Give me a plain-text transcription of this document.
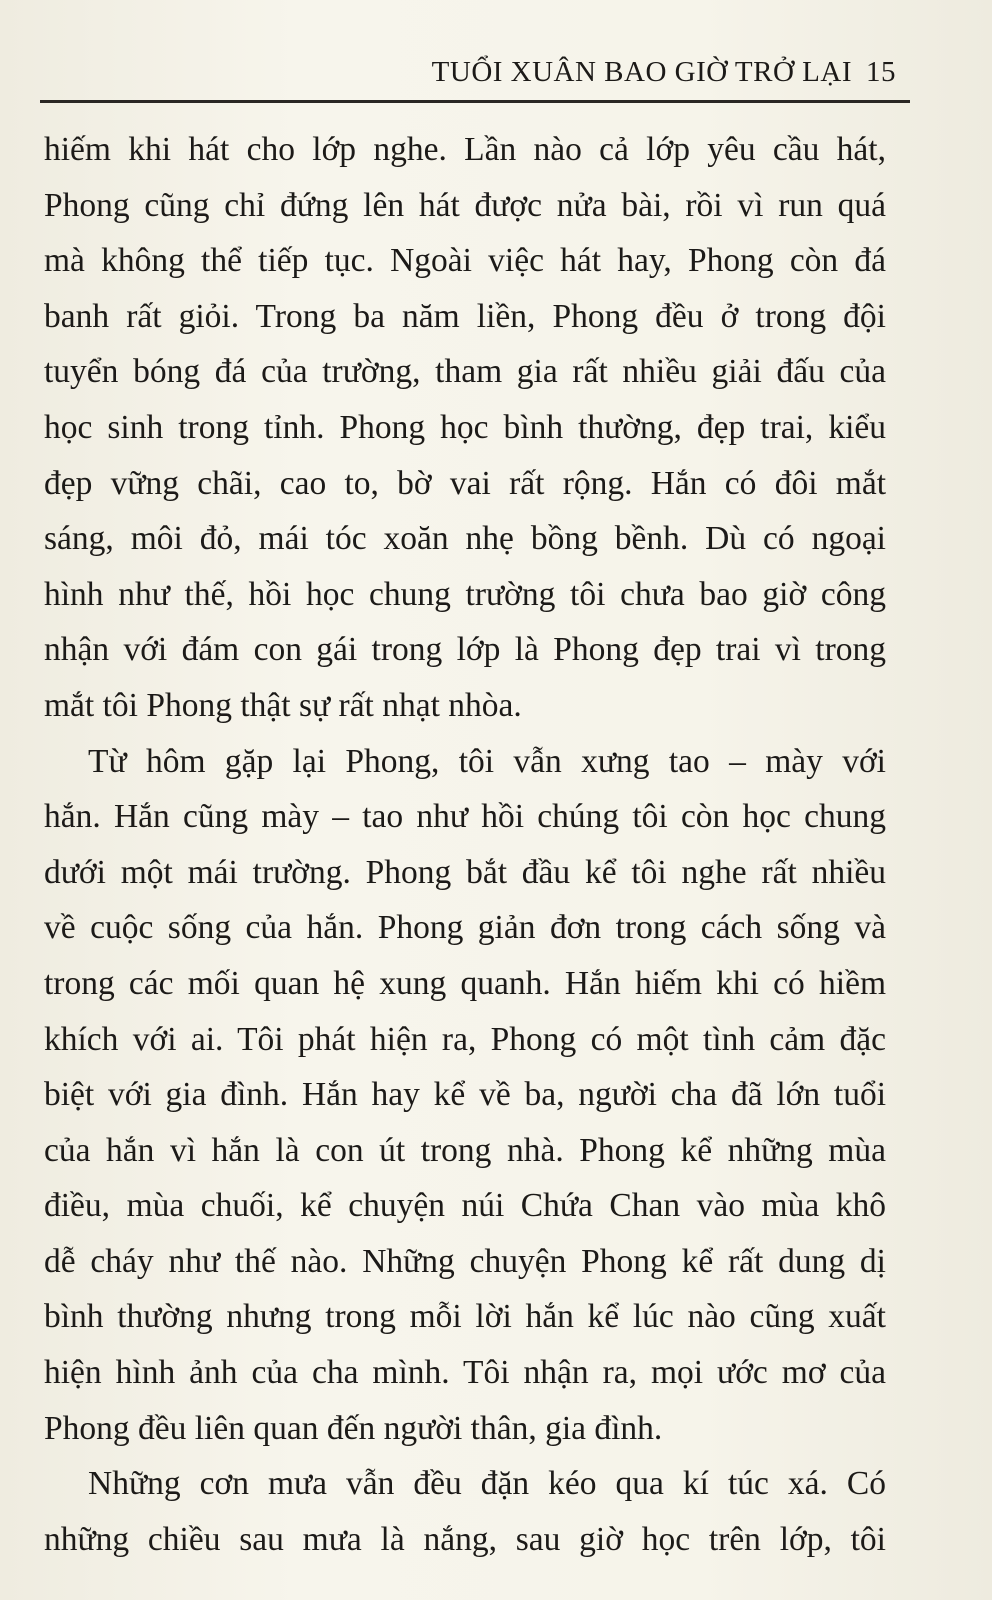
TUỔI XUÂN BAO GIỜ TRỞ LẠI 15
hiếm khi hát cho lớp nghe. Lần nào cả lớp yêu cầu hát,
Phong cũng chỉ đứng lên hát được nửa bài, rồi vì run quá
mà không thể tiếp tục. Ngoài việc hát hay, Phong còn đá
banh rất giỏi. Trong ba năm liền, Phong đều ở trong đội
tuyển bóng đá của trường, tham gia rất nhiều giải đấu của
học sinh trong tỉnh. Phong học bình thường, đẹp trai, kiểu
đẹp vững chãi, cao to, bờ vai rất rộng. Hắn có đôi mắt
sáng, môi đỏ, mái tóc xoăn nhẹ bồng bềnh. Dù có ngoại
hình như thế, hồi học chung trường tôi chưa bao giờ công
nhận với đám con gái trong lớp là Phong đẹp trai vì trong
mắt tôi Phong thật sự rất nhạt nhòa.
Từ hôm gặp lại Phong, tôi vẫn xưng tao – mày với
hắn. Hắn cũng mày – tao như hồi chúng tôi còn học chung
dưới một mái trường. Phong bắt đầu kể tôi nghe rất nhiều
về cuộc sống của hắn. Phong giản đơn trong cách sống và
trong các mối quan hệ xung quanh. Hắn hiếm khi có hiềm
khích với ai. Tôi phát hiện ra, Phong có một tình cảm đặc
biệt với gia đình. Hắn hay kể về ba, người cha đã lớn tuổi
của hắn vì hắn là con út trong nhà. Phong kể những mùa
điều, mùa chuối, kể chuyện núi Chứa Chan vào mùa khô
dễ cháy như thế nào. Những chuyện Phong kể rất dung dị
bình thường nhưng trong mỗi lời hắn kể lúc nào cũng xuất
hiện hình ảnh của cha mình. Tôi nhận ra, mọi ước mơ của
Phong đều liên quan đến người thân, gia đình.
Những cơn mưa vẫn đều đặn kéo qua kí túc xá. Có
những chiều sau mưa là nắng, sau giờ học trên lớp, tôi
